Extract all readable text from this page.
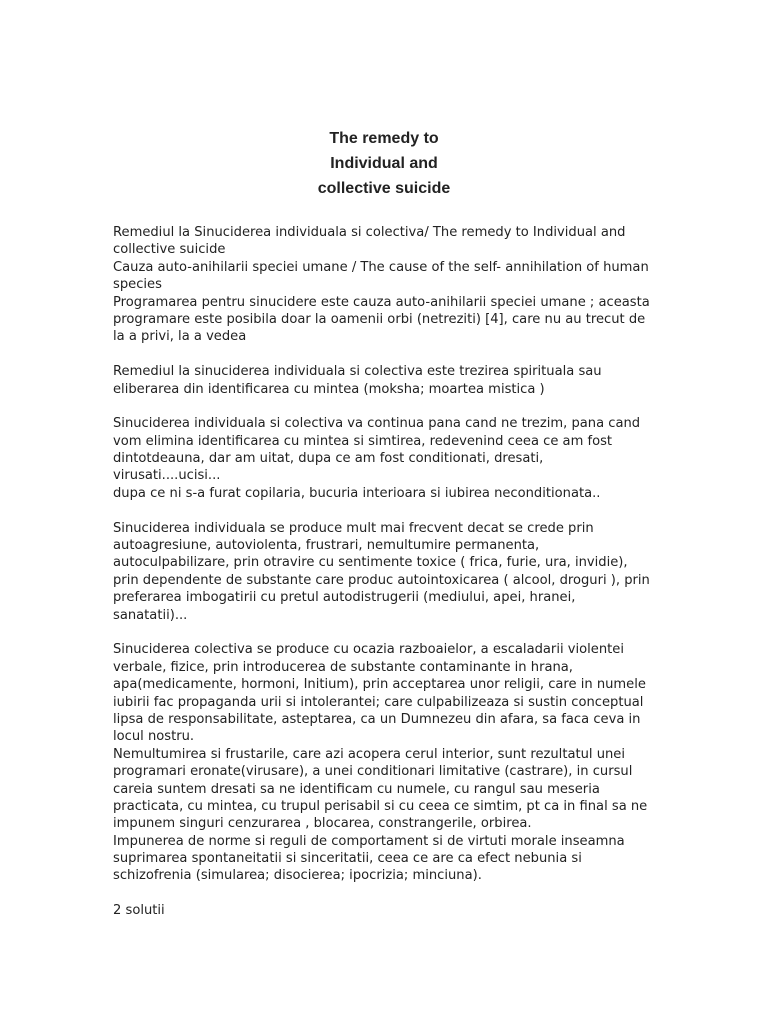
The remedy to
Individual and
collective suicide
Remediul la Sinuciderea individuala si colectiva/ The remedy to Individual and
collective suicide
Cauza auto-anihilarii speciei umane / The cause of the self- annihilation of human
species
Programarea pentru sinucidere este cauza auto-anihilarii speciei umane ; aceasta
programare este posibila doar la oamenii orbi (netreziti) [4], care nu au trecut de
la a privi, la a vedea
Remediul la sinuciderea individuala si colectiva este trezirea spirituala sau
eliberarea din identificarea cu mintea (moksha; moartea mistica )
Sinuciderea individuala si colectiva va continua pana cand ne trezim, pana cand
vom elimina identificarea cu mintea si simtirea, redevenind ceea ce am fost
dintotdeauna, dar am uitat, dupa ce am fost conditionati, dresati,
virusati....ucisi...
dupa ce ni s-a furat copilaria, bucuria interioara si iubirea neconditionata..
Sinuciderea individuala se produce mult mai frecvent decat se crede prin
autoagresiune, autoviolenta, frustrari, nemultumire permanenta,
autoculpabilizare, prin otravire cu sentimente toxice ( frica, furie, ura, invidie),
prin dependente de substante care produc autointoxicarea ( alcool, droguri ), prin
preferarea imbogatirii cu pretul autodistrugerii (mediului, apei, hranei,
sanatatii)...
Sinuciderea colectiva se produce cu ocazia razboaielor, a escaladarii violentei
verbale, fizice, prin introducerea de substante contaminante in hrana,
apa(medicamente, hormoni, Initium), prin acceptarea unor religii, care in numele
iubirii fac propaganda urii si intolerantei; care culpabilizeaza si sustin conceptual
lipsa de responsabilitate, asteptarea, ca un Dumnezeu din afara, sa faca ceva in
locul nostru.
Nemultumirea si frustarile, care azi acopera cerul interior, sunt rezultatul unei
programari eronate(virusare), a unei conditionari limitative (castrare), in cursul
careia suntem dresati sa ne identificam cu numele, cu rangul sau meseria
practicata, cu mintea, cu trupul perisabil si cu ceea ce simtim, pt ca in final sa ne
impunem singuri cenzurarea , blocarea, constrangerile, orbirea.
Impunerea de norme si reguli de comportament si de virtuti morale inseamna
suprimarea spontaneitatii si sinceritatii, ceea ce are ca efect nebunia si
schizofrenia (simularea; disocierea; ipocrizia; minciuna).
2 solutii
